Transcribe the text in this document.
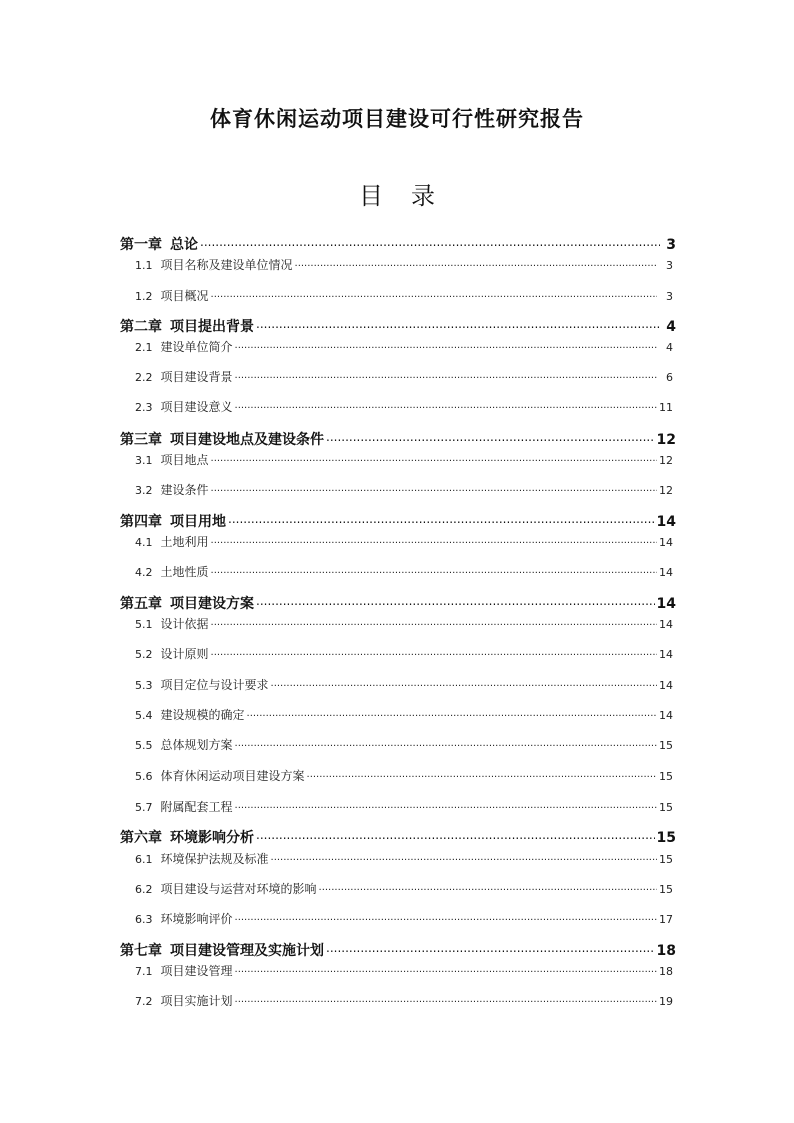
体育休闲运动项目建设可行性研究报告
目录
第一章 总论 .....	3
1.1 项目名称及建设单位情况 .....	3
1.2 项目概况 .....	3
第二章 项目提出背景 .....	4
2.1 建设单位简介 .....	4
2.2 项目建设背景 .....	6
2.3 项目建设意义 .....	11
第三章 项目建设地点及建设条件 .....	12
3.1 项目地点 .....	12
3.2 建设条件 .....	12
第四章 项目用地 .....	14
4.1 土地利用 .....	14
4.2 土地性质 .....	14
第五章 项目建设方案 .....	14
5.1 设计依据 .....	14
5.2 设计原则 .....	14
5.3 项目定位与设计要求 .....	14
5.4 建设规模的确定 .....	14
5.5 总体规划方案 .....	15
5.6 体育休闲运动项目建设方案 .....	15
5.7 附属配套工程 .....	15
第六章 环境影响分析 .....	15
6.1 环境保护法规及标准 .....	15
6.2 项目建设与运营对环境的影响 .....	15
6.3 环境影响评价 .....	17
第七章 项目建设管理及实施计划 .....	18
7.1 项目建设管理 .....	18
7.2 项目实施计划 .....	19
